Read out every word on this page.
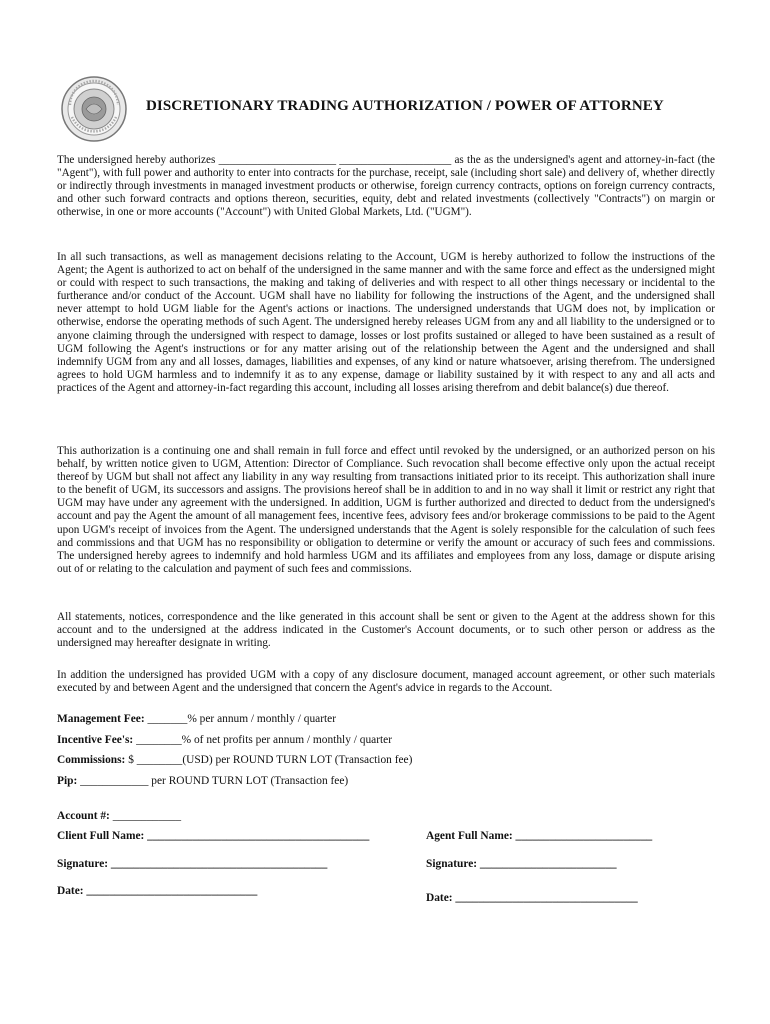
DISCRETIONARY TRADING AUTHORIZATION / POWER OF ATTORNEY
The undersigned hereby authorizes _____________________ ____________________ as the as the undersigned's agent and attorney-in-fact (the "Agent"), with full power and authority to enter into contracts for the purchase, receipt, sale (including short sale) and delivery of, whether directly or indirectly through investments in managed investment products or otherwise, foreign currency contracts, options on foreign currency contracts, and other such forward contracts and options thereon, securities, equity, debt and related investments (collectively "Contracts") on margin or otherwise, in one or more accounts ("Account") with United Global Markets, Ltd. ("UGM").
In all such transactions, as well as management decisions relating to the Account, UGM is hereby authorized to follow the instructions of the Agent; the Agent is authorized to act on behalf of the undersigned in the same manner and with the same force and effect as the undersigned might or could with respect to such transactions, the making and taking of deliveries and with respect to all other things necessary or incidental to the furtherance and/or conduct of the Account. UGM shall have no liability for following the instructions of the Agent, and the undersigned shall never attempt to hold UGM liable for the Agent's actions or inactions. The undersigned understands that UGM does not, by implication or otherwise, endorse the operating methods of such Agent. The undersigned hereby releases UGM from any and all liability to the undersigned or to anyone claiming through the undersigned with respect to damage, losses or lost profits sustained or alleged to have been sustained as a result of UGM following the Agent's instructions or for any matter arising out of the relationship between the Agent and the undersigned and shall indemnify UGM from any and all losses, damages, liabilities and expenses, of any kind or nature whatsoever, arising therefrom. The undersigned agrees to hold UGM harmless and to indemnify it as to any expense, damage or liability sustained by it with respect to any and all acts and practices of the Agent and attorney-in-fact regarding this account, including all losses arising therefrom and debit balance(s) due thereof.
This authorization is a continuing one and shall remain in full force and effect until revoked by the undersigned, or an authorized person on his behalf, by written notice given to UGM, Attention: Director of Compliance. Such revocation shall become effective only upon the actual receipt thereof by UGM but shall not affect any liability in any way resulting from transactions initiated prior to its receipt. This authorization shall inure to the benefit of UGM, its successors and assigns. The provisions hereof shall be in addition to and in no way shall it limit or restrict any right that UGM may have under any agreement with the undersigned. In addition, UGM is further authorized and directed to deduct from the undersigned's account and pay the Agent the amount of all management fees, incentive fees, advisory fees and/or brokerage commissions to be paid to the Agent upon UGM's receipt of invoices from the Agent. The undersigned understands that the Agent is solely responsible for the calculation of such fees and commissions and that UGM has no responsibility or obligation to determine or verify the amount or accuracy of such fees and commissions. The undersigned hereby agrees to indemnify and hold harmless UGM and its affiliates and employees from any loss, damage or dispute arising out of or relating to the calculation and payment of such fees and commissions.
All statements, notices, correspondence and the like generated in this account shall be sent or given to the Agent at the address shown for this account and to the undersigned at the address indicated in the Customer's Account documents, or to such other person or address as the undersigned may hereafter designate in writing.
In addition the undersigned has provided UGM with a copy of any disclosure document, managed account agreement, or other such materials executed by and between Agent and the undersigned that concern the Agent's advice in regards to the Account.
Management Fee: _______% per annum / monthly / quarter
Incentive Fee's: ________% of net profits per annum / monthly / quarter
Commissions: $ ________(USD) per ROUND TURN LOT (Transaction fee)
Pip: ____________ per ROUND TURN LOT (Transaction fee)
Account #: ____________
Client Full Name: _______________________________________	Agent Full Name: ________________________
Signature: ______________________________________	Signature: ________________________
Date: ______________________________
Date: ________________________________
